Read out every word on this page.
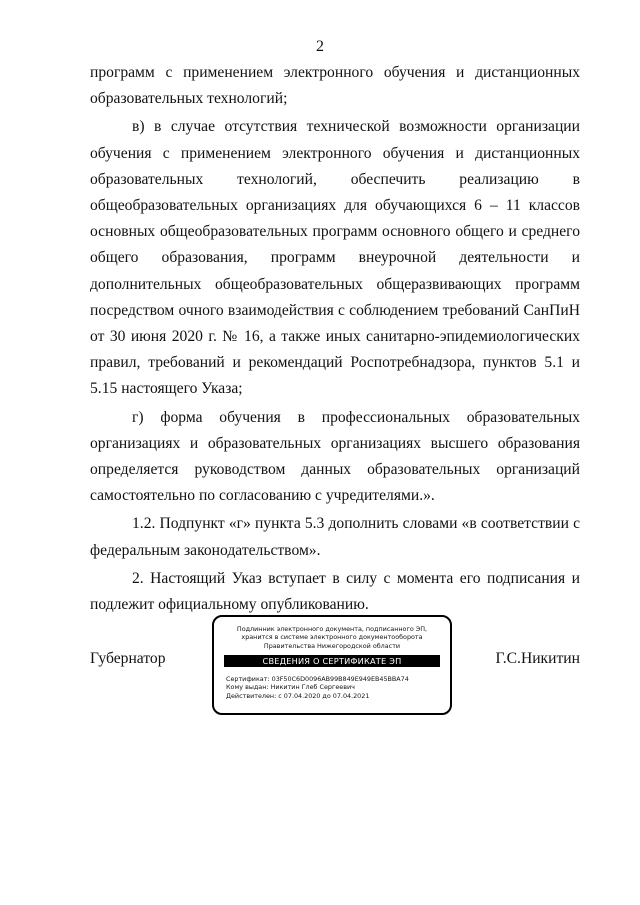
2

программ с применением электронного обучения и дистанционных образовательных технологий;

в) в случае отсутствия технической возможности организации обучения с применением электронного обучения и дистанционных образовательных технологий, обеспечить реализацию в общеобразовательных организациях для обучающихся 6 – 11 классов основных общеобразовательных программ основного общего и среднего общего образования, программ внеурочной деятельности и дополнительных общеобразовательных общеразвивающих программ посредством очного взаимодействия с соблюдением требований СанПиН от 30 июня 2020 г. № 16, а также иных санитарно-эпидемиологических правил, требований и рекомендаций Роспотребнадзора, пунктов 5.1 и 5.15 настоящего Указа;

г) форма обучения в профессиональных образовательных организациях и образовательных организациях высшего образования определяется руководством данных образовательных организаций самостоятельно по согласованию с учредителями.».

1.2. Подпункт «г» пункта 5.3 дополнить словами «в соответствии с федеральным законодательством».

2. Настоящий Указ вступает в силу с момента его подписания и подлежит официальному опубликованию.

Губернатор
Подлинник электронного документа, подписанного ЭП,
хранится в системе электронного документооборота
Правительства Нижегородской области
СВЕДЕНИЯ О СЕРТИФИКАТЕ ЭП
Сертификат: 03F50C6D0096AB99B849E949EB45BBA74
Кому выдан: Никитин Глеб Сергеевич
Действителен: с 07.04.2020 до 07.04.2021
Г.С.Никитин
